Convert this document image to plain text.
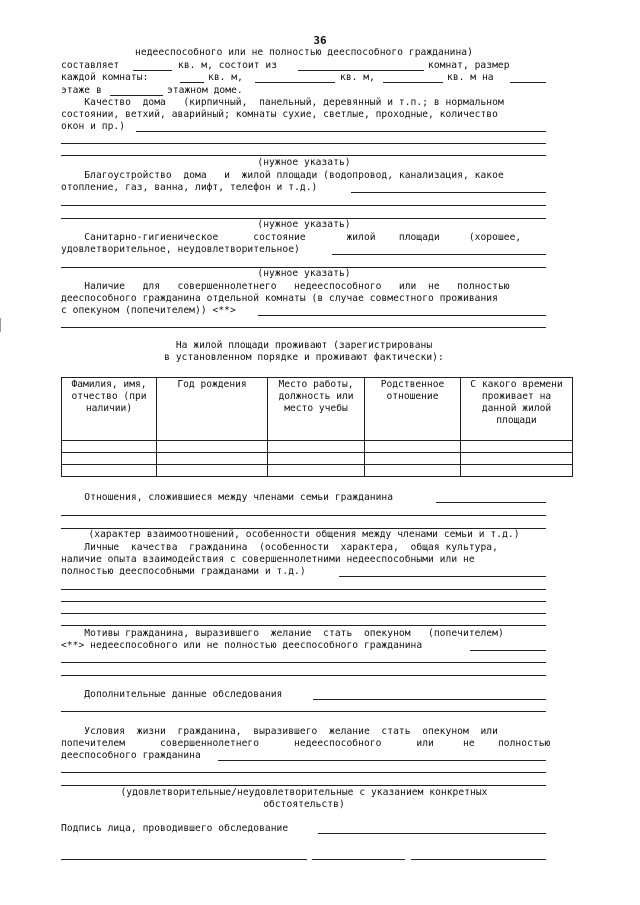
36
недееспособного или не полностью дееспособного гражданина)
составляет	кв. м, состоит из	комнат, размер
каждой комнаты:	кв. м,	кв. м,	кв. м на
этаже в	этажном доме.
Качество  дома   (кирпичный,  панельный, деревянный и т.п.; в нормальном
состоянии, ветхий, аварийный; комнаты сухие, светлые, проходные, количество
окон и пр.)
(нужное указать)
Благоустройство  дома   и  жилой площади (водопровод, канализация, какое
отопление, газ, ванна, лифт, телефон и т.д.)
(нужное указать)
Санитарно-гигиеническое      состояние       жилой    площади     (хорошее,
удовлетворительное, неудовлетворительное)
(нужное указать)
Наличие   для   совершеннолетнего   недееспособного   или  не   полностью
дееспособного гражданина отдельной комнаты (в случае совместного проживания
с опекуном (попечителем)) <**>
На жилой площади проживают (зарегистрированы
в установленном порядке и проживают фактически):
Фамилия, имя, отчество (при наличии)	Год рождения	Место работы, должность или место учебы	Родственное отношение	С какого времени проживает на данной жилой площади

Отношения, сложившиеся между членами семьи гражданина
(характер взаимоотношений, особенности общения между членами семьи и т.д.)
Личные  качества  гражданина  (особенности  характера,  общая культура,
наличие опыта взаимодействия с совершеннолетними недееспособными или не
полностью дееспособными гражданами и т.д.)
Мотивы гражданина, выразившего  желание  стать  опекуном   (попечителем)
<**> недееспособного или не полностью дееспособного гражданина
Дополнительные данные обследования
Условия  жизни  гражданина,  выразившего  желание  стать  опекуном  или
попечителем      совершеннолетнего      недееспособного      или     не    полностью
дееспособного гражданина
(удовлетворительные/неудовлетворительные с указанием конкретных
обстоятельств)
Подпись лица, проводившего обследование
